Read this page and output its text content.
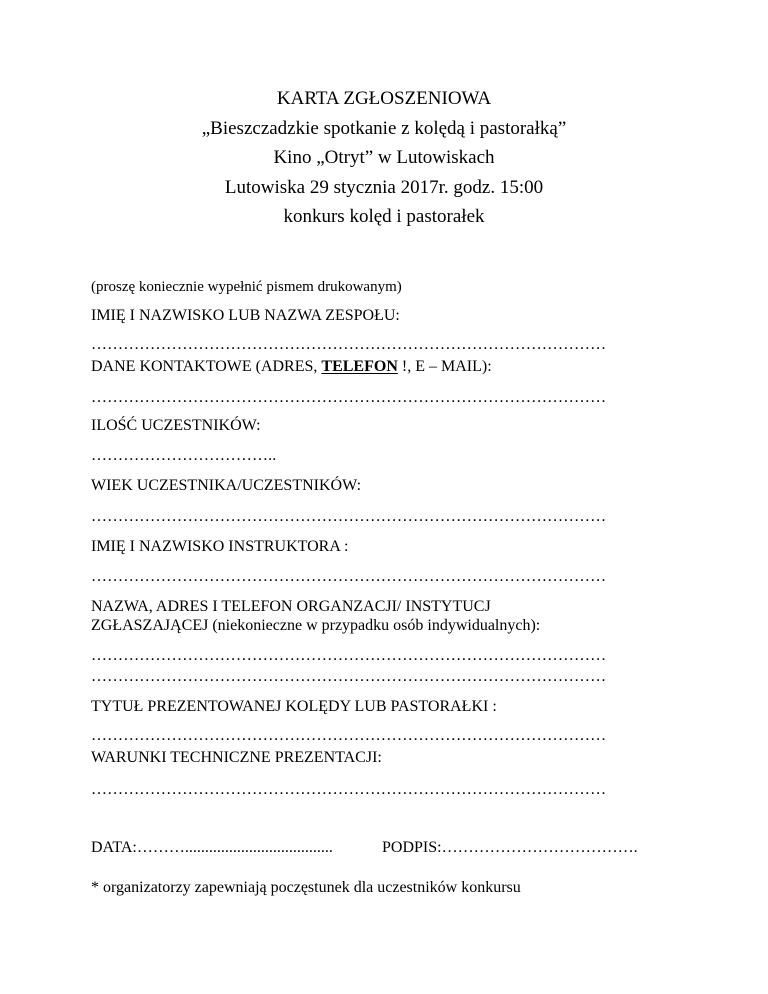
KARTA ZGŁOSZENIOWA
„Bieszczadzkie spotkanie z kolędą i pastorałką”
Kino „Otryt” w Lutowiskach
Lutowiska 29 stycznia 2017r. godz. 15:00
konkurs kolęd i pastorałek
(proszę koniecznie wypełnić pismem drukowanym)
IMIĘ I NAZWISKO LUB NAZWA ZESPOŁU:
……………………………………………………………………………………
DANE KONTAKTOWE (ADRES, TELEFON !, E – MAIL):
……………………………………………………………………………………
ILOŚĆ UCZESTNIKÓW:
……………………………..
WIEK UCZESTNIKA/UCZESTNIKÓW:
……………………………………………………………………………………
IMIĘ I NAZWISKO INSTRUKTORA :
……………………………………………………………………………………
NAZWA, ADRES I TELEFON ORGANZACJI/ INSTYTUCJ
ZGŁASZAJĄCEJ (niekonieczne w przypadku osób indywidualnych):
……………………………………………………………………………………
……………………………………………………………………………………
TYTUŁ PREZENTOWANEJ KOLĘDY LUB PASTORAŁKI :
……………………………………………………………………………………
WARUNKI TECHNICZNE PREZENTACJI:
……………………………………………………………………………………
DATA:……….....................................	PODPIS:……………………………….
* organizatorzy zapewniają poczęstunek dla uczestników konkursu
